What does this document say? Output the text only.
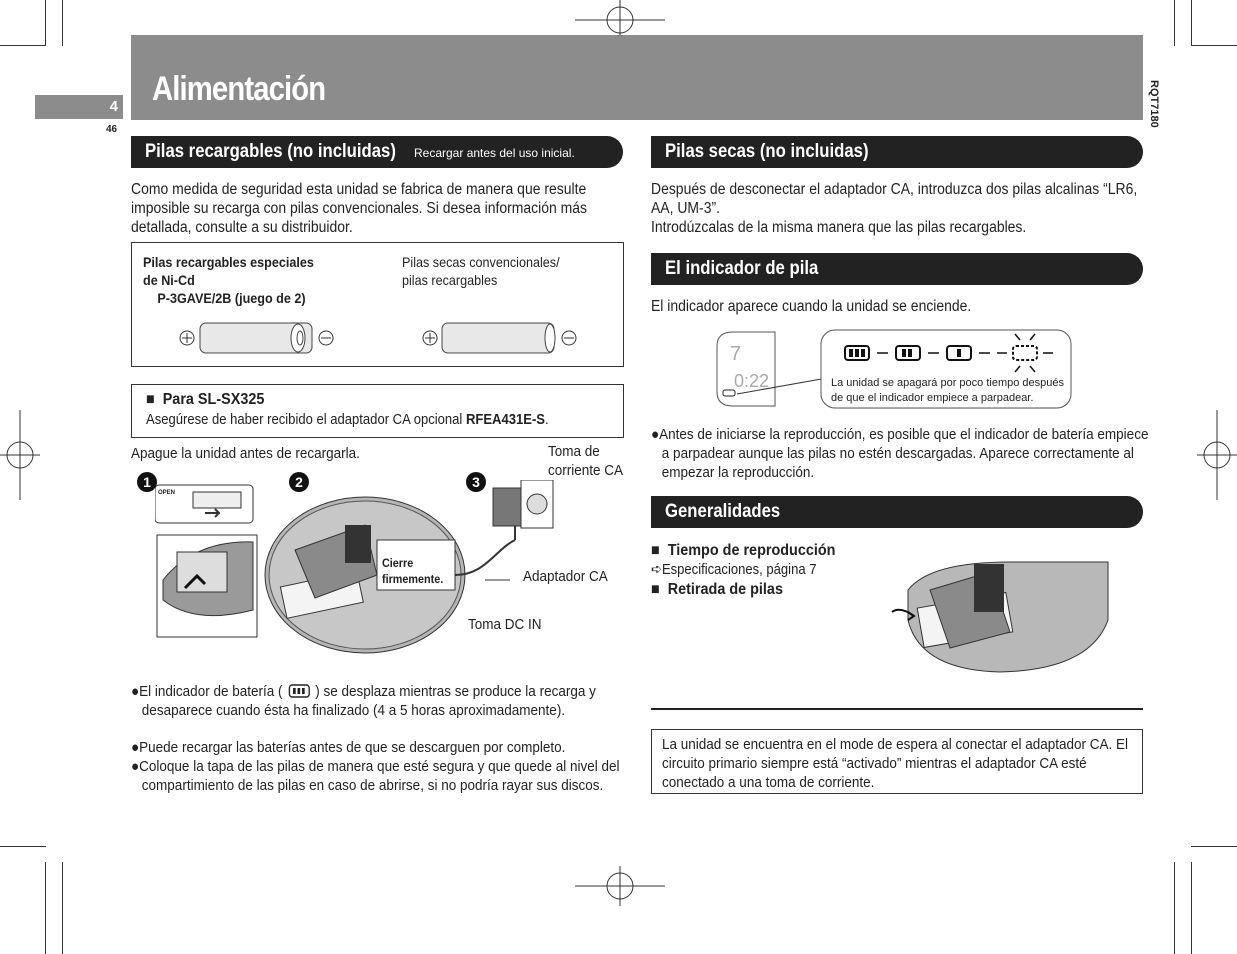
Alimentación
4
46
RQT7180
Pilas recargables (no incluidas) Recargar antes del uso inicial.
Como medida de seguridad esta unidad se fabrica de manera que resulte imposible su recarga con pilas convencionales. Si desea información más detallada, consulte a su distribuidor.
Pilas recargables especiales
de Ni-Cd
P-3GAVE/2B (juego de 2)
Pilas secas convencionales/
pilas recargables
■  Para SL-SX325
Asegúrese de haber recibido el adaptador CA opcional RFEA431E-S.
Apague la unidad antes de recargarla.	Toma de
corriente CA
1	2	3
OPEN
Cierre
firmemente.	Adaptador CA
Toma DC IN
●El indicador de batería ( ) se desplaza mientras se produce la recarga y desaparece cuando ésta ha finalizado (4 a 5 horas aproximadamente).
●Puede recargar las baterías antes de que se descarguen por completo.
●Coloque la tapa de las pilas de manera que esté segura y que quede al nivel del compartimiento de las pilas en caso de abrirse, si no podría rayar sus discos.
Pilas secas (no incluidas)
Después de desconectar el adaptador CA, introduzca dos pilas alcalinas “LR6, AA, UM-3”.
Introdúzcalas de la misma manera que las pilas recargables.
El indicador de pila
El indicador aparece cuando la unidad se enciende.
7
0:22	La unidad se apagará por poco tiempo después
de que el indicador empiece a parpadear.
●Antes de iniciarse la reproducción, es posible que el indicador de batería empiece a parpadear aunque las pilas no estén descargadas. Aparece correctamente al empezar la reproducción.
Generalidades
■  Tiempo de reproducción
➪Especificaciones, página 7
■  Retirada de pilas
La unidad se encuentra en el mode de espera al conectar el adaptador CA. El circuito primario siempre está “activado” mientras el adaptador CA esté conectado a una toma de corriente.
